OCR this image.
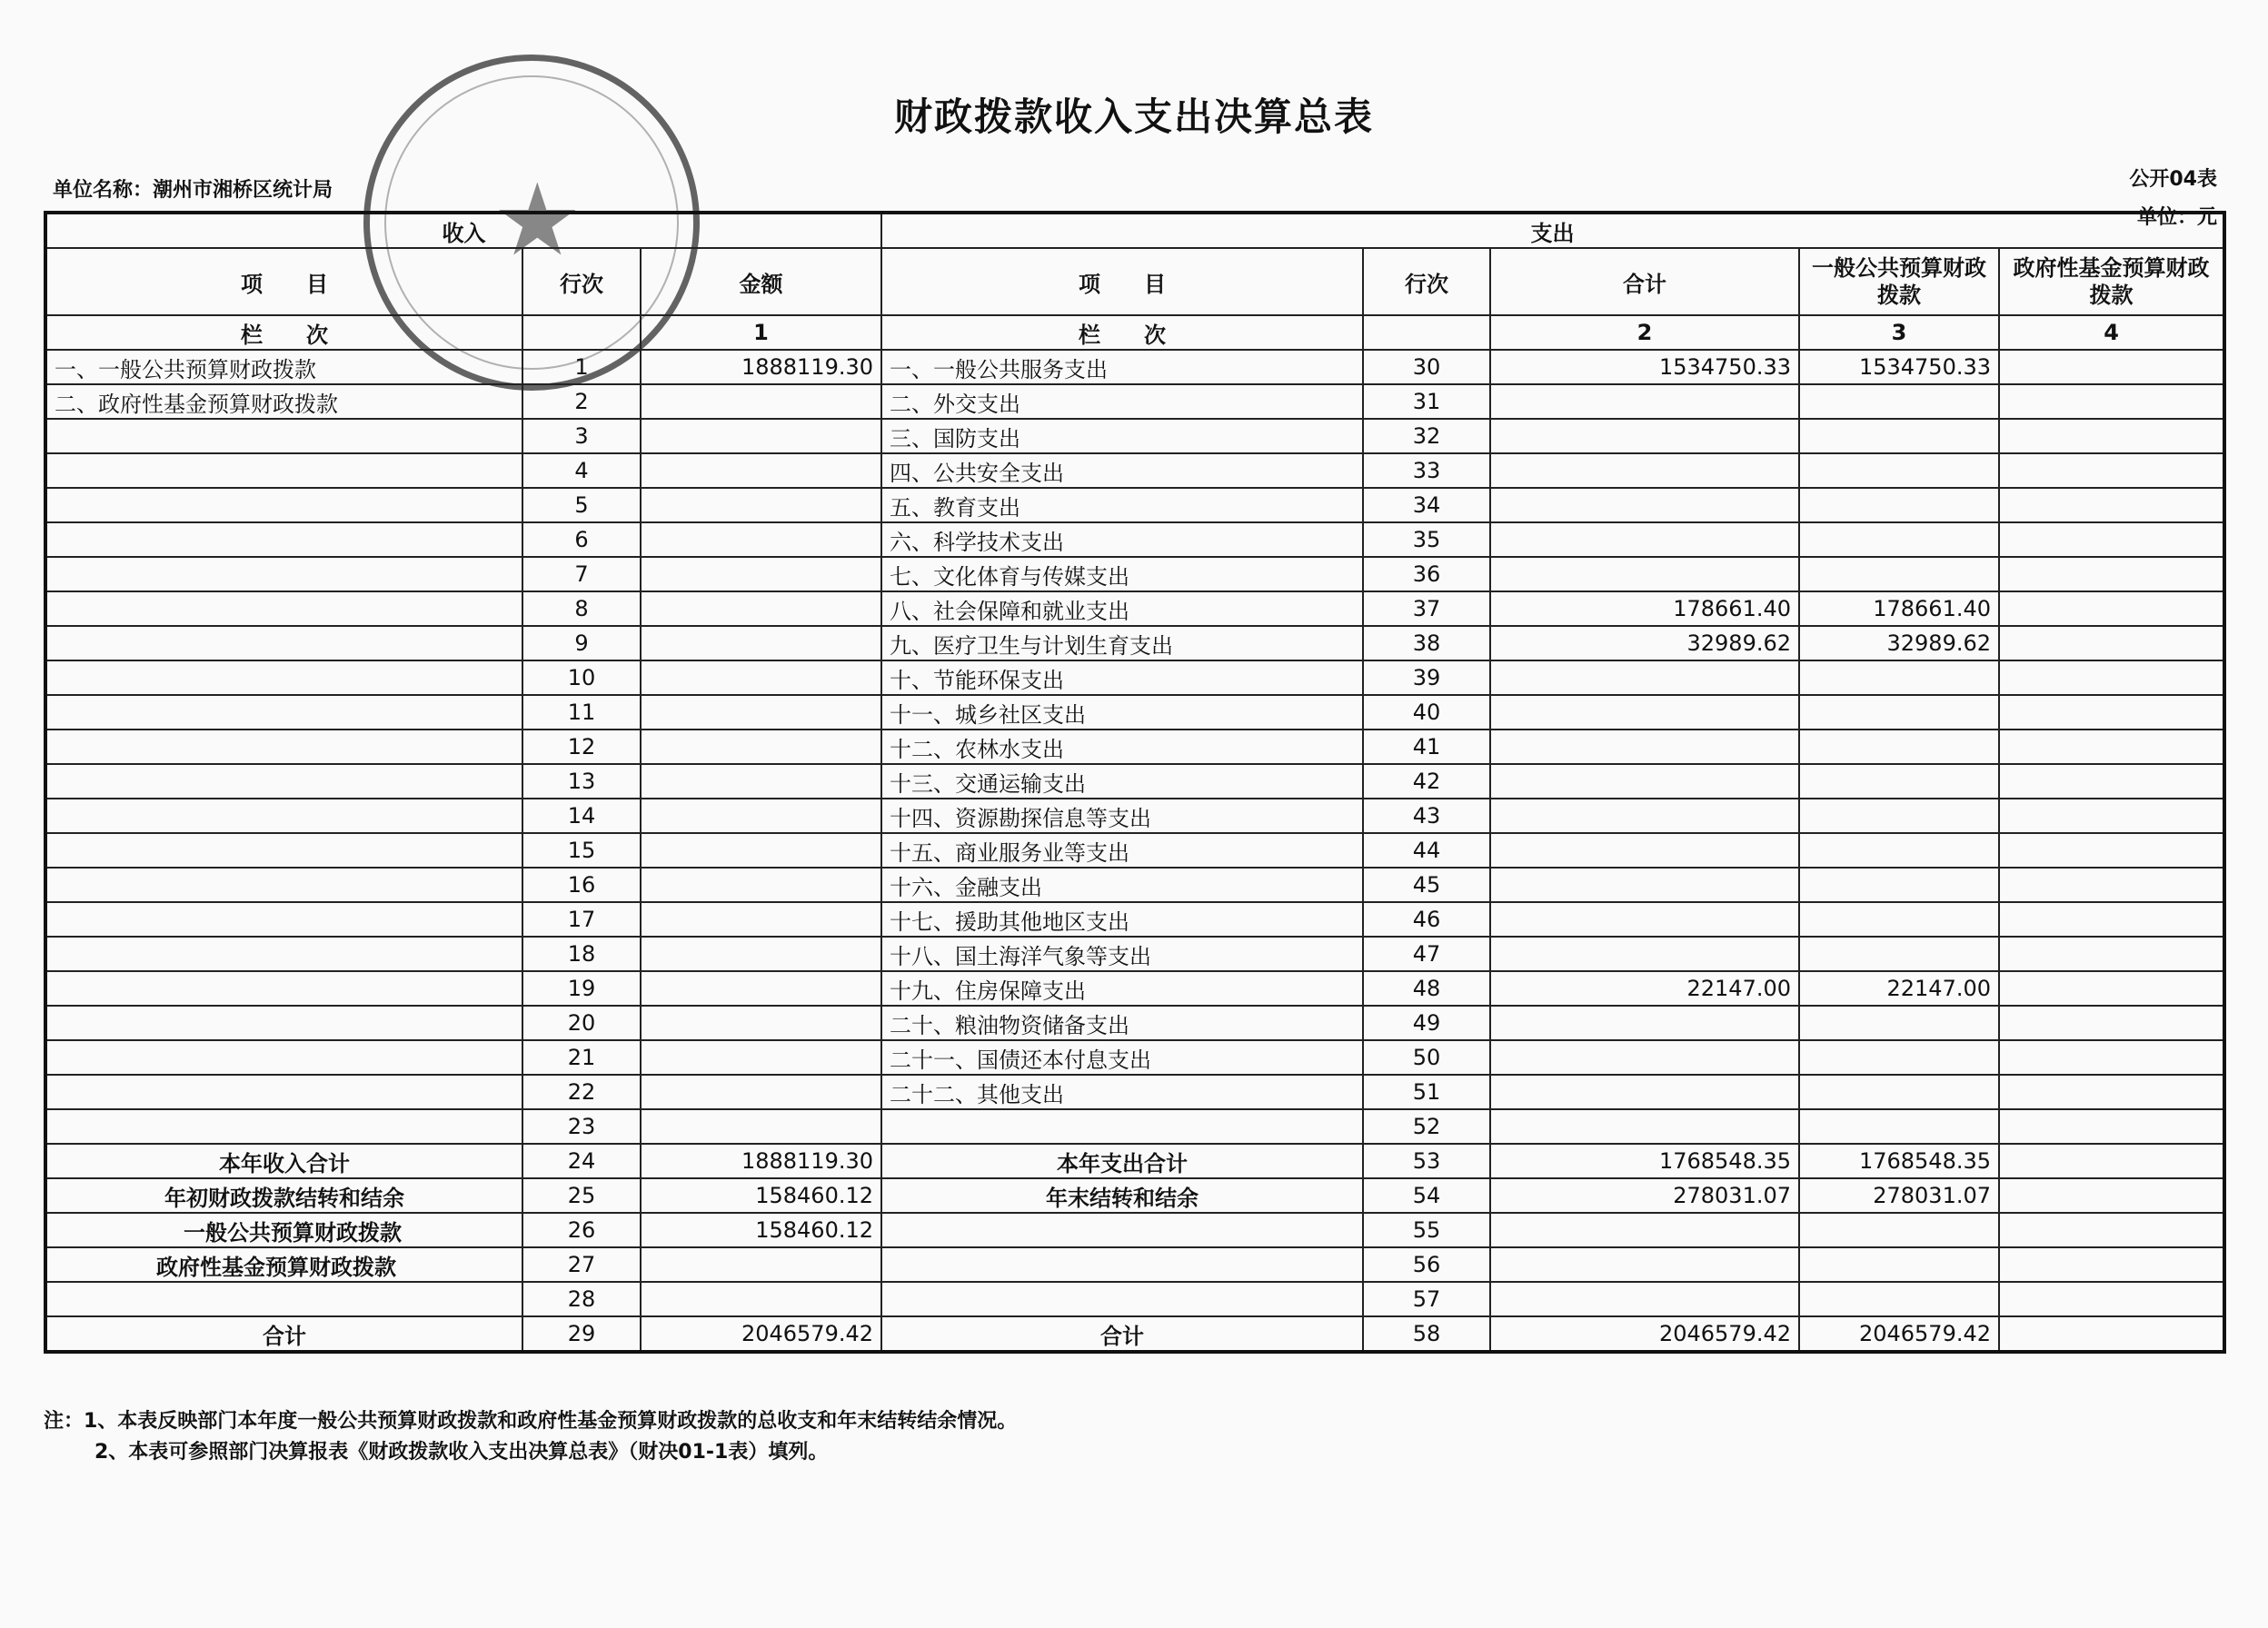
★
财政拨款收入支出决算总表
单位名称：潮州市湘桥区统计局	公开04表
单位：元
收入			支出				
项　　目	行次	金额	项　　目	行次	合计	一般公共预算财政拨款	政府性基金预算财政拨款
栏　　次		1	栏　　次		2	3	4
一、一般公共预算财政拨款	1	1888119.30	一、一般公共服务支出	30	1534750.33	1534750.33	
二、政府性基金预算财政拨款	2		二、外交支出	31			
	3		三、国防支出	32			
	4		四、公共安全支出	33			
	5		五、教育支出	34			
	6		六、科学技术支出	35			
	7		七、文化体育与传媒支出	36			
	8		八、社会保障和就业支出	37	178661.40	178661.40	
	9		九、医疗卫生与计划生育支出	38	32989.62	32989.62	
	10		十、节能环保支出	39			
	11		十一、城乡社区支出	40			
	12		十二、农林水支出	41			
	13		十三、交通运输支出	42			
	14		十四、资源勘探信息等支出	43			
	15		十五、商业服务业等支出	44			
	16		十六、金融支出	45			
	17		十七、援助其他地区支出	46			
	18		十八、国土海洋气象等支出	47			
	19		十九、住房保障支出	48	22147.00	22147.00	
	20		二十、粮油物资储备支出	49			
	21		二十一、国债还本付息支出	50			
	22		二十二、其他支出	51			
	23			52			
本年收入合计	24	1888119.30	本年支出合计	53	1768548.35	1768548.35	
年初财政拨款结转和结余	25	158460.12	年末结转和结余	54	278031.07	278031.07	
一般公共预算财政拨款	26	158460.12		55			
政府性基金预算财政拨款	27			56			
	28			57			
合计	29	2046579.42	合计	58	2046579.42	2046579.42	
注：1、本表反映部门本年度一般公共预算财政拨款和政府性基金预算财政拨款的总收支和年末结转结余情况。
2、本表可参照部门决算报表《财政拨款收入支出决算总表》（财决01-1表）填列。
